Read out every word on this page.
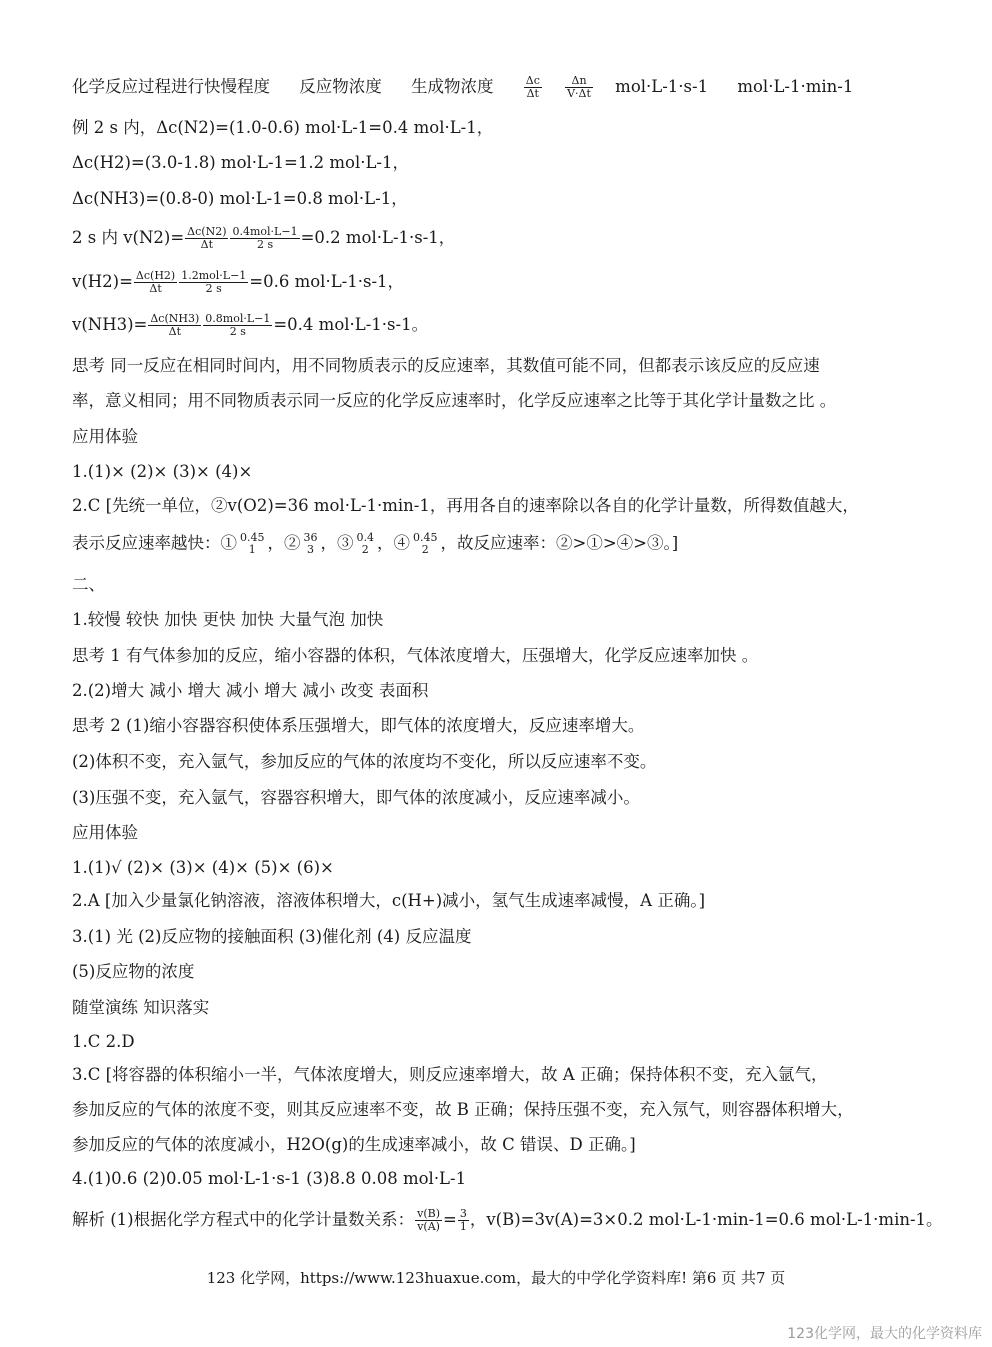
化学反应过程进行快慢程度 反应物浓度 生成物浓度	$\frac{\Delta c}{\Delta t}$
$\frac{\Delta n}{V\cdot\Delta t} mol\cdot L-1\cdot s-1$ mol·L-1·min-1
例 2 s 内，Δc(N2)=(1.0-0.6) mol·L-1=0.4 mol·L-1，
Δc(H2)=(3.0-1.8) mol·L-1=1.2 mol·L-1，
Δc(NH3)=(0.8-0) mol·L-1=0.8 mol·L-1，
2 s 内 $v(N2)= \frac{\Delta c(N2)}{\Delta t} \frac{\text{0.4mol·L−1}}{2 s} =0.2$ mol·L-1·s-1，
$v(H2)= \frac{\Delta c(H2)}{\Delta t} \frac{\text{1.2mol·L−1}}{2 s} =0.6$ mol·L-1·s-1，
$v(NH3)= \frac{\Delta c(NH3)}{\Delta t} \frac{\text{0.8mol·L−1}}{2 s} =0.4$ mol·L-1·s-1。
思考 同一反应在相同时间内，用不同物质表示的反应速率，其数值可能不同，但都表示该反应的反应速
率，意义相同；用不同物质表示同一反应的化学反应速率时，化学反应速率之比等于其化学计量数之比 。
应用体验
1.(1)× (2)× (3)× (4)×
2.C [先统一单位，②v(O2)=36 mol·L-1·min-1，再用各自的速率除以各自的化学计量数，所得数值越大，
表示反应速率越快：① 0.45
1 ，② 36
3 ，③ 0.4
2 ，④ 0.45
2 ，故反应速率：②>①>④>③。]
二、
1.较慢 较快 加快 更快 加快 大量气泡 加快
思考 1 有气体参加的反应，缩小容器的体积，气体浓度增大，压强增大，化学反应速率加快 。
2.(2)增大 减小 增大 减小 增大 减小 改变 表面积
思考 2 (1)缩小容器容积使体系压强增大，即气体的浓度增大，反应速率增大。
(2)体积不变，充入氩气，参加反应的气体的浓度均不变化，所以反应速率不变。
(3)压强不变，充入氩气，容器容积增大，即气体的浓度减小，反应速率减小。
应用体验
1.(1)√ (2)× (3)× (4)× (5)× (6)×
2.A [加入少量氯化钠溶液，溶液体积增大，c(H+)减小，氢气生成速率减慢，A 正确。]
3.(1) 光 (2)反应物的接触面积 (3)催化剂 (4) 反应温度
(5)反应物的浓度
随堂演练 知识落实
1.C 2.D
3.C [将容器的体积缩小一半，气体浓度增大，则反应速率增大，故 A 正确；保持体积不变，充入氩气，
参加反应的气体的浓度不变，则其反应速率不变，故 B 正确；保持压强不变，充入氖气，则容器体积增大，
参加反应的气体的浓度减小，H2O(g)的生成速率减小，故 C 错误、D 正确。]
4.(1)0.6 (2)0.05 mol·L-1·s-1 (3)8.8 0.08 mol·L-1
解析 (1)根据化学方程式中的化学计量数关系： $\frac{v(B)}{v(A)} = \frac{3}{1}$ ，v(B)=3v(A)=3×0.2 mol·L-1·min-1=0.6 mol·L-1·min-1。
123 化学网，https://www.123huaxue.com，最大的中学化学资料库! 第6 页 共7 页
123化学网，最大的化学资料库
